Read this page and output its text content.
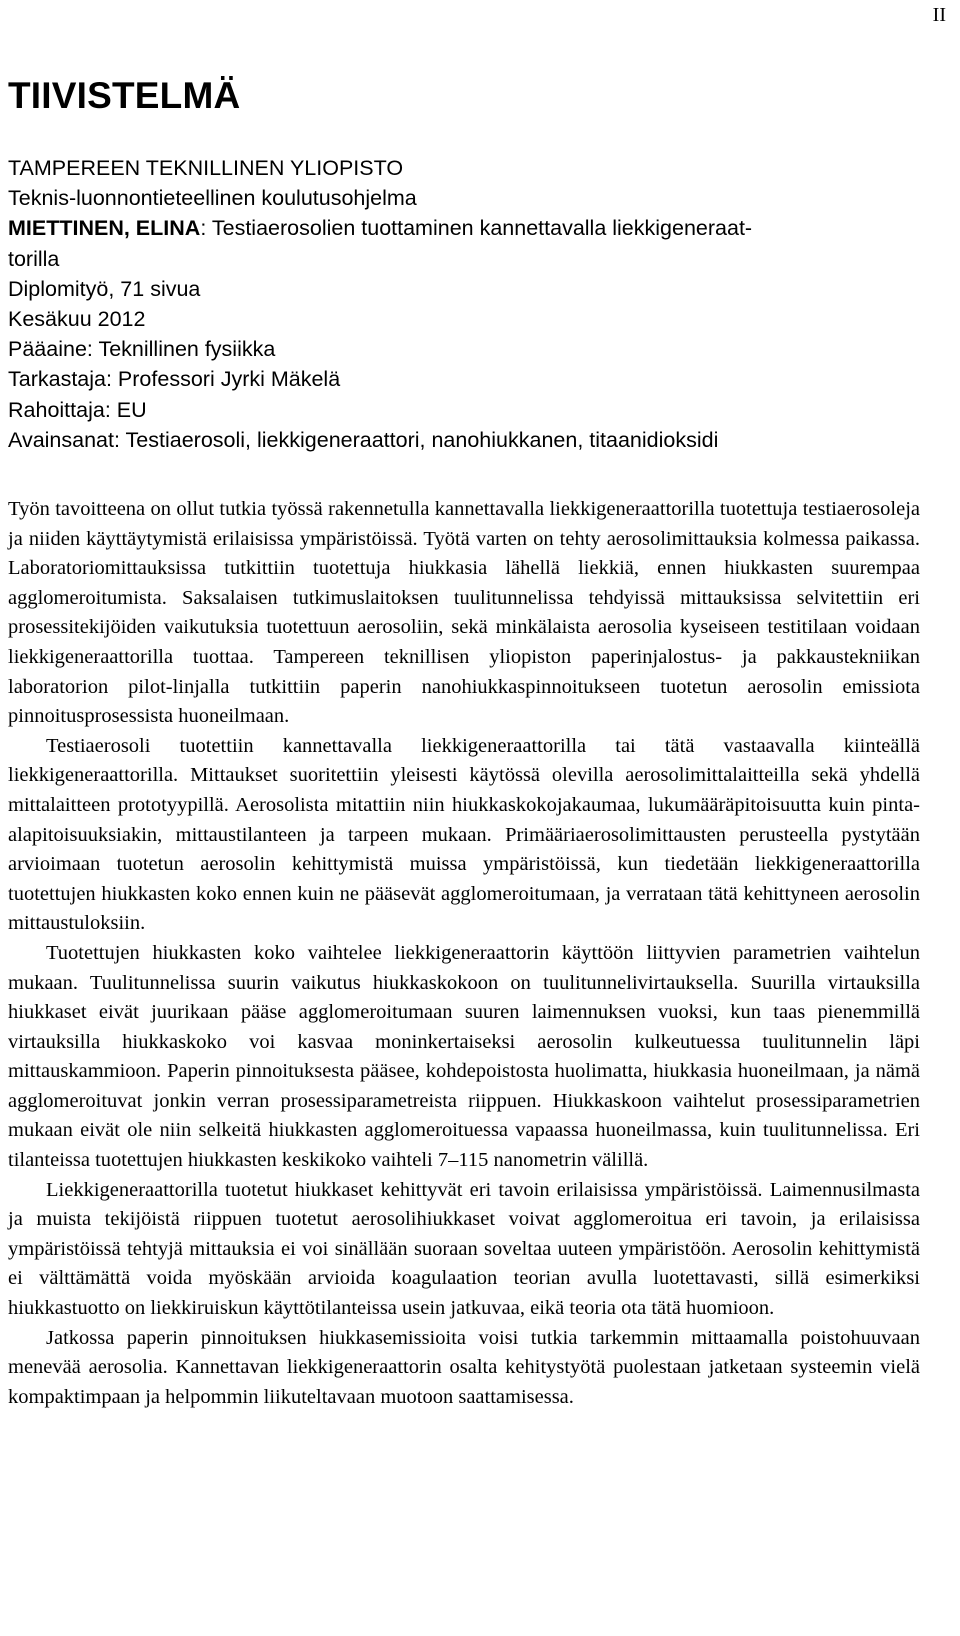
II
TIIVISTELMÄ
TAMPEREEN TEKNILLINEN YLIOPISTO
Teknis-luonnontieteellinen koulutusohjelma
MIETTINEN, ELINA: Testiaerosolien tuottaminen kannettavalla liekkigeneraat-
torilla
Diplomityö, 71 sivua
Kesäkuu 2012
Pääaine: Teknillinen fysiikka
Tarkastaja: Professori Jyrki Mäkelä
Rahoittaja: EU
Avainsanat: Testiaerosoli, liekkigeneraattori, nanohiukkanen, titaanidioksidi

Työn tavoitteena on ollut tutkia työssä rakennetulla kannettavalla liekkigeneraattorilla tuotettuja testiaerosoleja ja niiden käyttäytymistä erilaisissa ympäristöissä. Työtä varten on tehty aerosolimittauksia kolmessa paikassa. Laboratoriomittauksissa tutkittiin tuotettuja hiukkasia lähellä liekkiä, ennen hiukkasten suurempaa agglomeroitumista. Saksalaisen tutkimuslaitoksen tuulitunnelissa tehdyissä mittauksissa selvitettiin eri prosessitekijöiden vaikutuksia tuotettuun aerosoliin, sekä minkälaista aerosolia kyseiseen testitilaan voidaan liekkigeneraattorilla tuottaa. Tampereen teknillisen yliopiston paperinjalostus- ja pakkaustekniikan laboratorion pilot-linjalla tutkittiin paperin nanohiukkaspinnoitukseen tuotetun aerosolin emissiota pinnoitusprosessista huoneilmaan.

Testiaerosoli tuotettiin kannettavalla liekkigeneraattorilla tai tätä vastaavalla kiinteällä liekkigeneraattorilla. Mittaukset suoritettiin yleisesti käytössä olevilla aerosolimittalaitteilla sekä yhdellä mittalaitteen prototyypillä. Aerosolista mitattiin niin hiukkaskokojakaumaa, lukumääräpitoisuutta kuin pinta-alapitoisuuksiakin, mittaustilanteen ja tarpeen mukaan. Primääriaerosolimittausten perusteella pystytään arvioimaan tuotetun aerosolin kehittymistä muissa ympäristöissä, kun tiedetään liekkigeneraattorilla tuotettujen hiukkasten koko ennen kuin ne pääsevät agglomeroitumaan, ja verrataan tätä kehittyneen aerosolin mittaustuloksiin.

Tuotettujen hiukkasten koko vaihtelee liekkigeneraattorin käyttöön liittyvien parametrien vaihtelun mukaan. Tuulitunnelissa suurin vaikutus hiukkaskokoon on tuulitunnelivirtauksella. Suurilla virtauksilla hiukkaset eivät juurikaan pääse agglomeroitumaan suuren laimennuksen vuoksi, kun taas pienemmillä virtauksilla hiukkaskoko voi kasvaa moninkertaiseksi aerosolin kulkeutuessa tuulitunnelin läpi mittauskammioon. Paperin pinnoituksesta pääsee, kohdepoistosta huolimatta, hiukkasia huoneilmaan, ja nämä agglomeroituvat jonkin verran prosessiparametreista riippuen. Hiukkaskoon vaihtelut prosessiparametrien mukaan eivät ole niin selkeitä hiukkasten agglomeroituessa vapaassa huoneilmassa, kuin tuulitunnelissa. Eri tilanteissa tuotettujen hiukkasten keskikoko vaihteli 7–115 nanometrin välillä.

Liekkigeneraattorilla tuotetut hiukkaset kehittyvät eri tavoin erilaisissa ympäristöissä. Laimennusilmasta ja muista tekijöistä riippuen tuotetut aerosolihiukkaset voivat agglomeroitua eri tavoin, ja erilaisissa ympäristöissä tehtyjä mittauksia ei voi sinällään suoraan soveltaa uuteen ympäristöön. Aerosolin kehittymistä ei välttämättä voida myöskään arvioida koagulaation teorian avulla luotettavasti, sillä esimerkiksi hiukkastuotto on liekkiruiskun käyttötilanteissa usein jatkuvaa, eikä teoria ota tätä huomioon.

Jatkossa paperin pinnoituksen hiukkasemissioita voisi tutkia tarkemmin mittaamalla poistohuuvaan menevää aerosolia. Kannettavan liekkigeneraattorin osalta kehitystyötä puolestaan jatketaan systeemin vielä kompaktimpaan ja helpommin liikuteltavaan muotoon saattamisessa.
